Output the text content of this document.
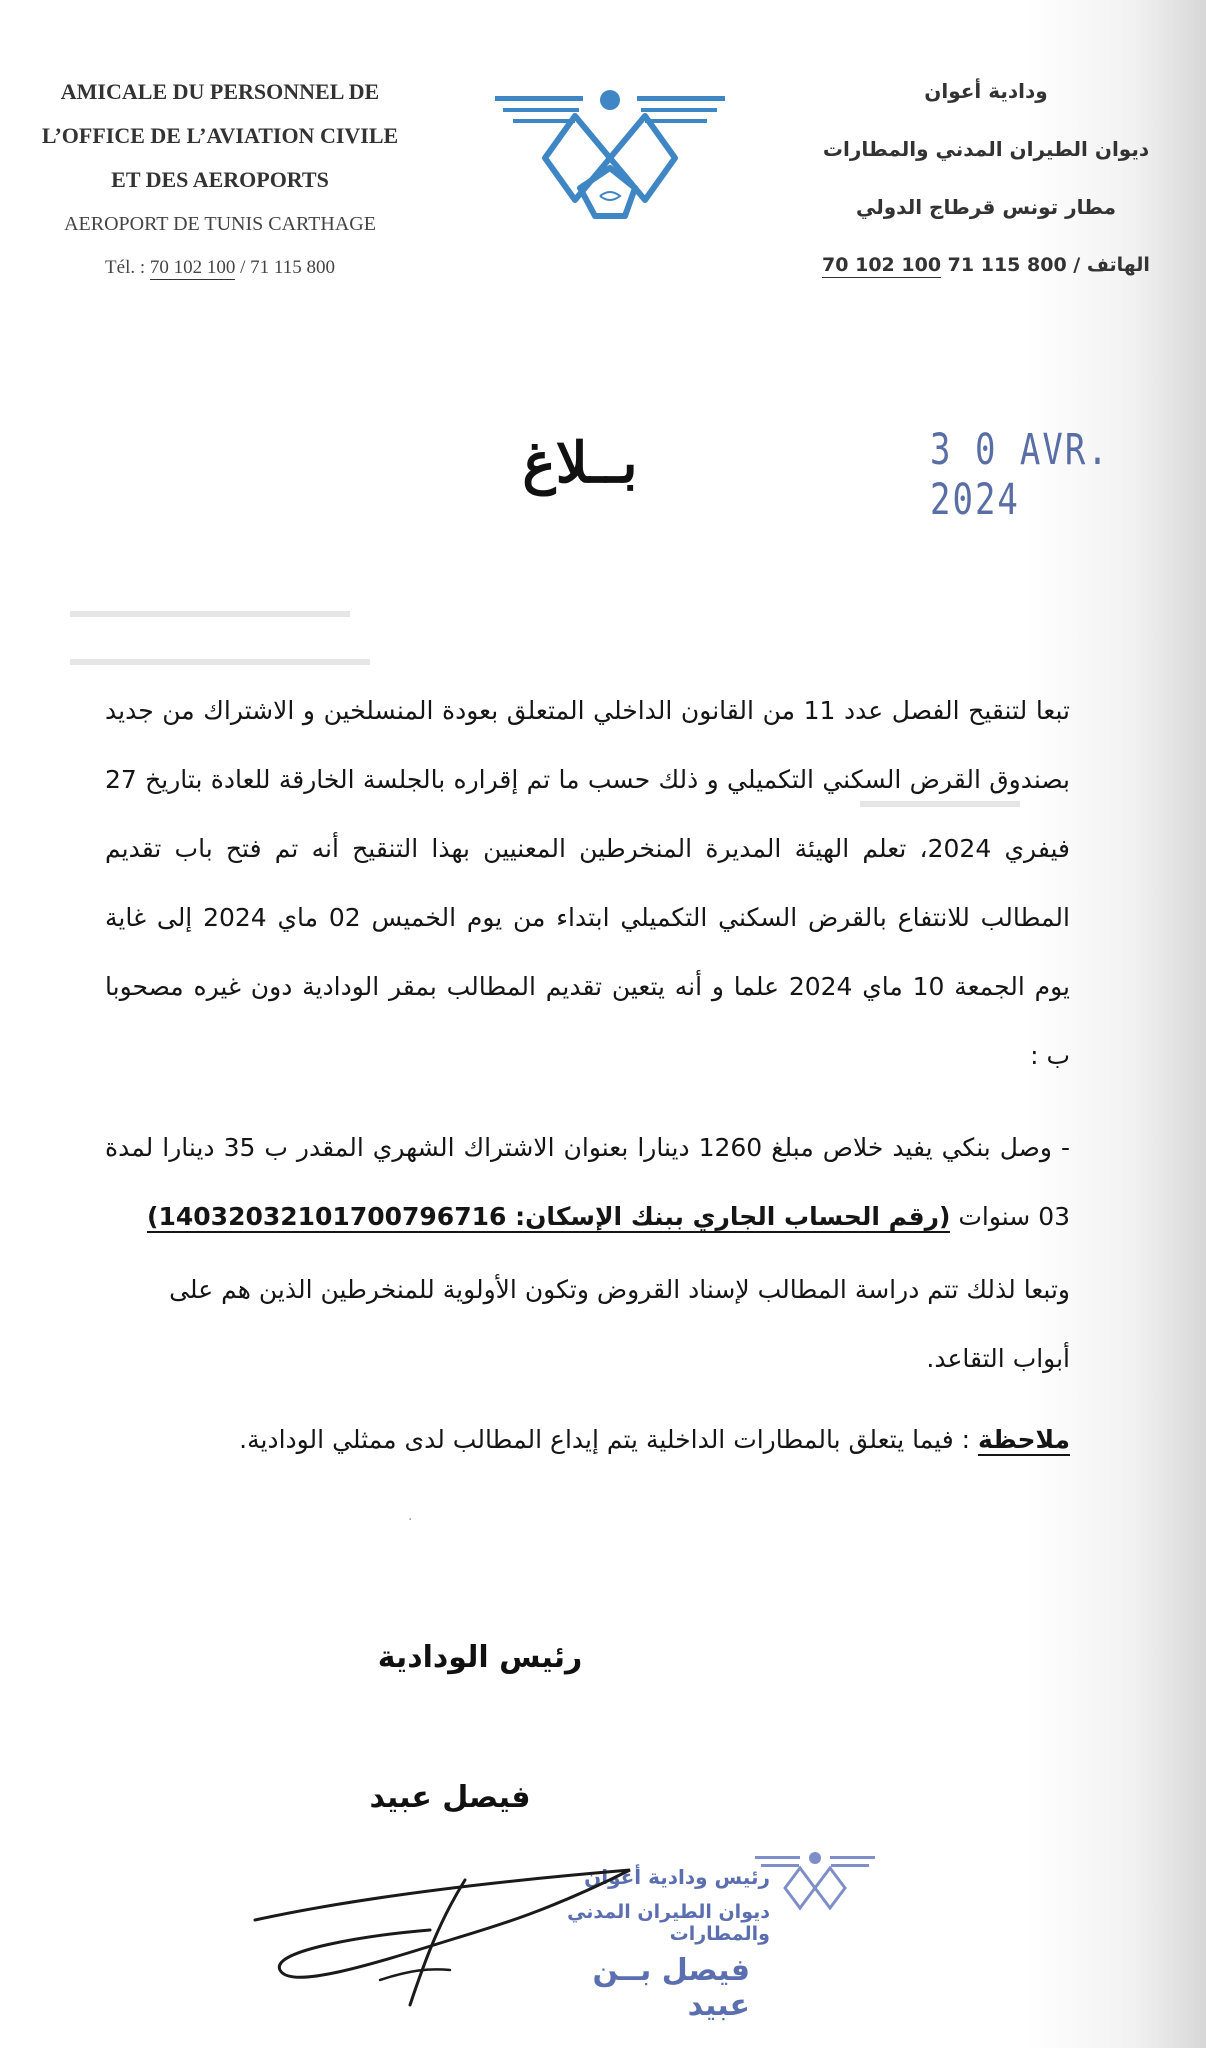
AMICALE DU PERSONNEL DE
L’OFFICE DE L’AVIATION CIVILE
ET DES AEROPORTS
AEROPORT DE TUNIS CARTHAGE
Tél. : 70 102 100 / 71 115 800
ودادية أعوان
ديوان الطيران المدني والمطارات
مطار تونس قرطاج الدولي
الهاتف 70 102 100 71 115 800 /
بــلاغ	3 0 AVR. 2024
▬▬▬▬▬▬▬▬▬▬▬▬▬▬
▬▬▬▬▬▬▬▬▬▬▬▬▬▬▬
▬▬▬▬▬▬▬▬

تبعا لتنقيح الفصل عدد 11 من القانون الداخلي المتعلق بعودة المنسلخين و الاشتراك من جديد بصندوق القرض السكني التكميلي و ذلك حسب ما تم إقراره بالجلسة الخارقة للعادة بتاريخ 27 فيفري 2024، تعلم الهيئة المديرة المنخرطين المعنيين بهذا التنقيح أنه تم فتح باب تقديم المطالب للانتفاع بالقرض السكني التكميلي ابتداء من يوم الخميس 02 ماي 2024 إلى غاية يوم الجمعة 10 ماي 2024 علما و أنه يتعين تقديم المطالب بمقر الودادية دون غيره مصحوبا ب :

- وصل بنكي يفيد خلاص مبلغ 1260 دينارا بعنوان الاشتراك الشهري المقدر ب 35 دينارا لمدة 03 سنوات (رقم الحساب الجاري ببنك الإسكان: 14032032101700796716)
وتبعا لذلك تتم دراسة المطالب لإسناد القروض وتكون الأولوية للمنخرطين الذين هم على أبواب التقاعد.
ملاحظة : فيما يتعلق بالمطارات الداخلية يتم إيداع المطالب لدى ممثلي الودادية.
رئيس الودادية
فيصل عبيد
رئيس ودادية أعوان
ديوان الطيران المدني والمطارات
فيصل بــن عبيد
·
